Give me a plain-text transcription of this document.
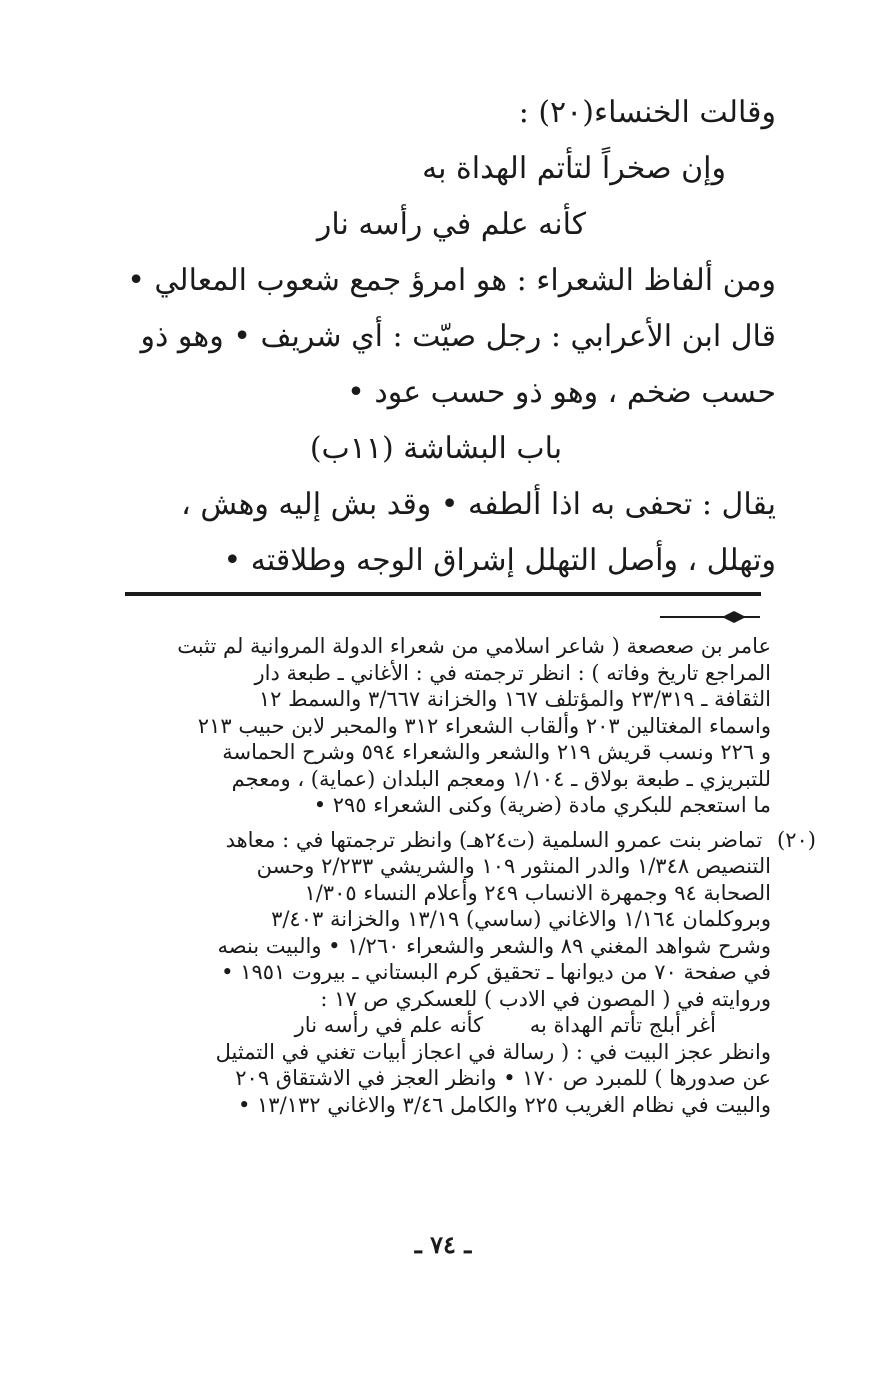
وقالت الخنساء(٢٠) :
وإن صخراً لتأتم الهداة به
كأنه علم في رأسه نار
ومن ألفاظ الشعراء : هو امرؤ جمع شعوب المعالي •
قال ابن الأعرابي : رجل صيّت : أي شريف • وهو ذو
حسب ضخم ، وهو ذو حسب عود •
باب البشاشة (١١ب)
يقال : تحفى به اذا ألطفه • وقد بش إليه وهش ،
وتهلل ، وأصل التهلل إشراق الوجه وطلاقته •
عامر بن صعصعة ( شاعر اسلامي من شعراء الدولة المروانية لم تثبت
المراجع تاريخ وفاته ) : انظر ترجمته في : الأغاني ـ طبعة دار
الثقافة ـ ٢٣/٣١٩ والمؤتلف ١٦٧ والخزانة ٣/٦٦٧ والسمط ١٢
واسماء المغتالين ٢٠٣ وألقاب الشعراء ٣١٢ والمحبر لابن حبيب ٢١٣
و ٢٢٦ ونسب قريش ٢١٩ والشعر والشعراء ٥٩٤ وشرح الحماسة
للتبريزي ـ طبعة بولاق ـ ١/١٠٤ ومعجم البلدان (عماية) ، ومعجم
ما استعجم للبكري مادة (ضرية) وكنى الشعراء ٢٩٥ •
(٢٠) تماضر بنت عمرو السلمية (ت٢٤هـ) وانظر ترجمتها في : معاهد
التنصيص ١/٣٤٨ والدر المنثور ١٠٩ والشريشي ٢/٢٣٣ وحسن
الصحابة ٩٤ وجمهرة الانساب ٢٤٩ وأعلام النساء ١/٣٠٥
وبروكلمان ١/١٦٤ والاغاني (ساسي) ١٣/١٩ والخزانة ٣/٤٠٣
وشرح شواهد المغني ٨٩ والشعر والشعراء ١/٢٦٠ • والبيت بنصه
في صفحة ٧٠ من ديوانها ـ تحقيق كرم البستاني ـ بيروت ١٩٥١ •
وروايته في ( المصون في الادب ) للعسكري ص ١٧ :
أغر أبلج تأتم الهداة به كأنه علم في رأسه نار
وانظر عجز البيت في : ( رسالة في اعجاز أبيات تغني في التمثيل
عن صدورها ) للمبرد ص ١٧٠ • وانظر العجز في الاشتقاق ٢٠٩
والبيت في نظام الغريب ٢٢٥ والكامل ٣/٤٦ والاغاني ١٣/١٣٢ •
ـ ٧٤ ـ
